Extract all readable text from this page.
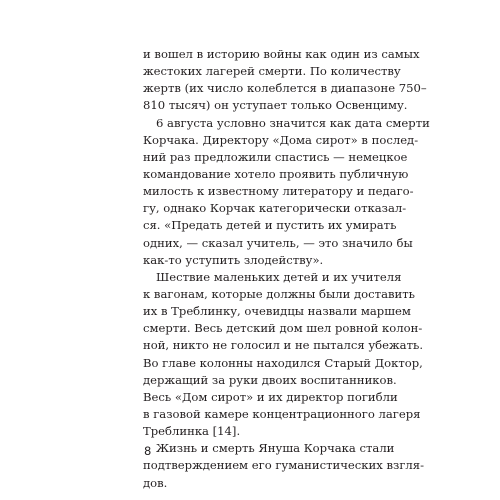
и вошел в историю войны как один из самых
жестоких лагерей смерти. По количеству
жертв (их число колеблется в диапазоне 750–
810 тысяч) он уступает только Освенциму.
6 августа условно значится как дата смерти
Корчака. Директору «Дома сирот» в послед-
ний раз предложили спастись — немецкое
командование хотело проявить публичную
милость к известному литератору и педаго-
гу, однако Корчак категорически отказал-
ся. «Предать детей и пустить их умирать
одних, — сказал учитель, — это значило бы
как-то уступить злодейству».
Шествие маленьких детей и их учителя
к вагонам, которые должны были доставить
их в Треблинку, очевидцы назвали маршем
смерти. Весь детский дом шел ровной колон-
ной, никто не голосил и не пытался убежать.
Во главе колонны находился Старый Доктор,
держащий за руки двоих воспитанников.
Весь «Дом сирот» и их директор погибли
в газовой камере концентрационного лагеря
Треблинка [14].
Жизнь и смерть Януша Корчака стали
подтверждением его гуманистических взгля-
дов.
8
